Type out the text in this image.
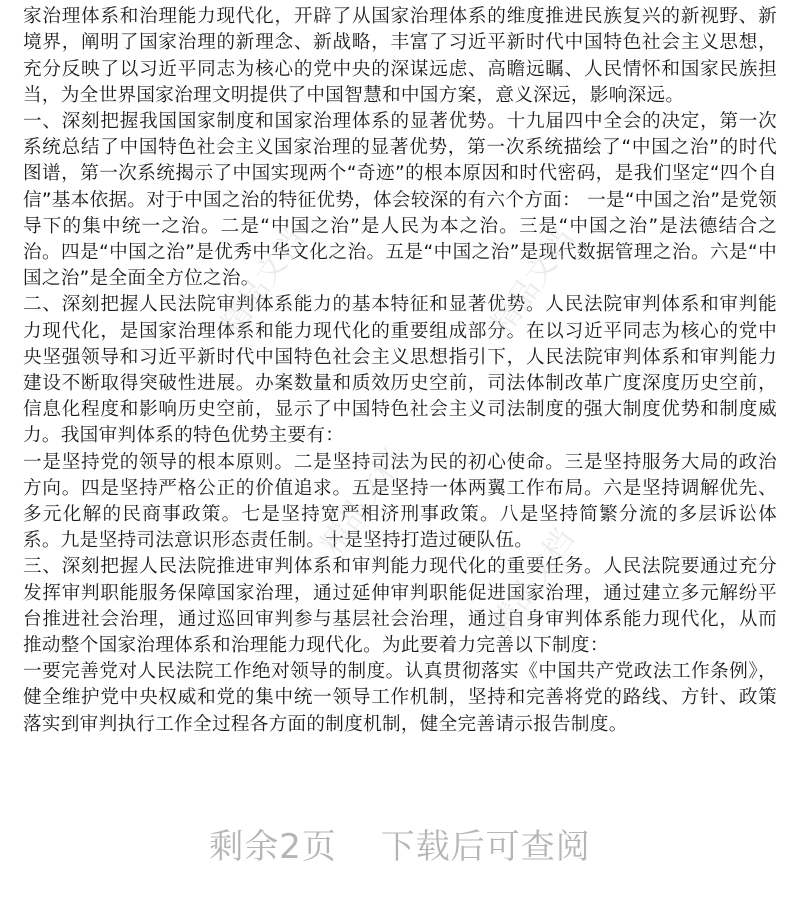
家治理体系和治理能力现代化，开辟了从国家治理体系的维度推进民族复兴的新视野、新境界，阐明了国家治理的新理念、新战略，丰富了习近平新时代中国特色社会主义思想，充分反映了以习近平同志为核心的党中央的深谋远虑、高瞻远瞩、人民情怀和国家民族担当，为全世界国家治理文明提供了中国智慧和中国方案，意义深远，影响深远。

一、深刻把握我国国家制度和国家治理体系的显著优势。十九届四中全会的决定，第一次系统总结了中国特色社会主义国家治理的显著优势，第一次系统描绘了“中国之治”的时代图谱，第一次系统揭示了中国实现两个“奇迹”的根本原因和时代密码，是我们坚定“四个自信”基本依据。对于中国之治的特征优势，体会较深的有六个方面： 一是“中国之治”是党领导下的集中统一之治。二是“中国之治”是人民为本之治。三是“中国之治”是法德结合之治。四是“中国之治”是优秀中华文化之治。五是“中国之治”是现代数据管理之治。六是“中国之治”是全面全方位之治。

二、深刻把握人民法院审判体系能力的基本特征和显著优势。人民法院审判体系和审判能力现代化，是国家治理体系和能力现代化的重要组成部分。在以习近平同志为核心的党中央坚强领导和习近平新时代中国特色社会主义思想指引下，人民法院审判体系和审判能力建设不断取得突破性进展。办案数量和质效历史空前，司法体制改革广度深度历史空前，信息化程度和影响历史空前，显示了中国特色社会主义司法制度的强大制度优势和制度威力。我国审判体系的特色优势主要有：

一是坚持党的领导的根本原则。二是坚持司法为民的初心使命。三是坚持服务大局的政治方向。四是坚持严格公正的价值追求。五是坚持一体两翼工作布局。六是坚持调解优先、多元化解的民商事政策。七是坚持宽严相济刑事政策。八是坚持简繁分流的多层诉讼体系。九是坚持司法意识形态责任制。十是坚持打造过硬队伍。

三、深刻把握人民法院推进审判体系和审判能力现代化的重要任务。人民法院要通过充分发挥审判职能服务保障国家治理，通过延伸审判职能促进国家治理，通过建立多元解纷平台推进社会治理，通过巡回审判参与基层社会治理，通过自身审判体系能力现代化，从而推动整个国家治理体系和治理能力现代化。为此要着力完善以下制度：

一要完善党对人民法院工作绝对领导的制度。认真贯彻落实《中国共产党政法工作条例》，健全维护党中央权威和党的集中统一领导工作机制，坚持和完善将党的路线、方针、政策落实到审判执行工作全过程各方面的制度机制，健全完善请示报告制度。

精品文档	精品文档
精品文档
精品文档
剩余2页 下载后可查阅
